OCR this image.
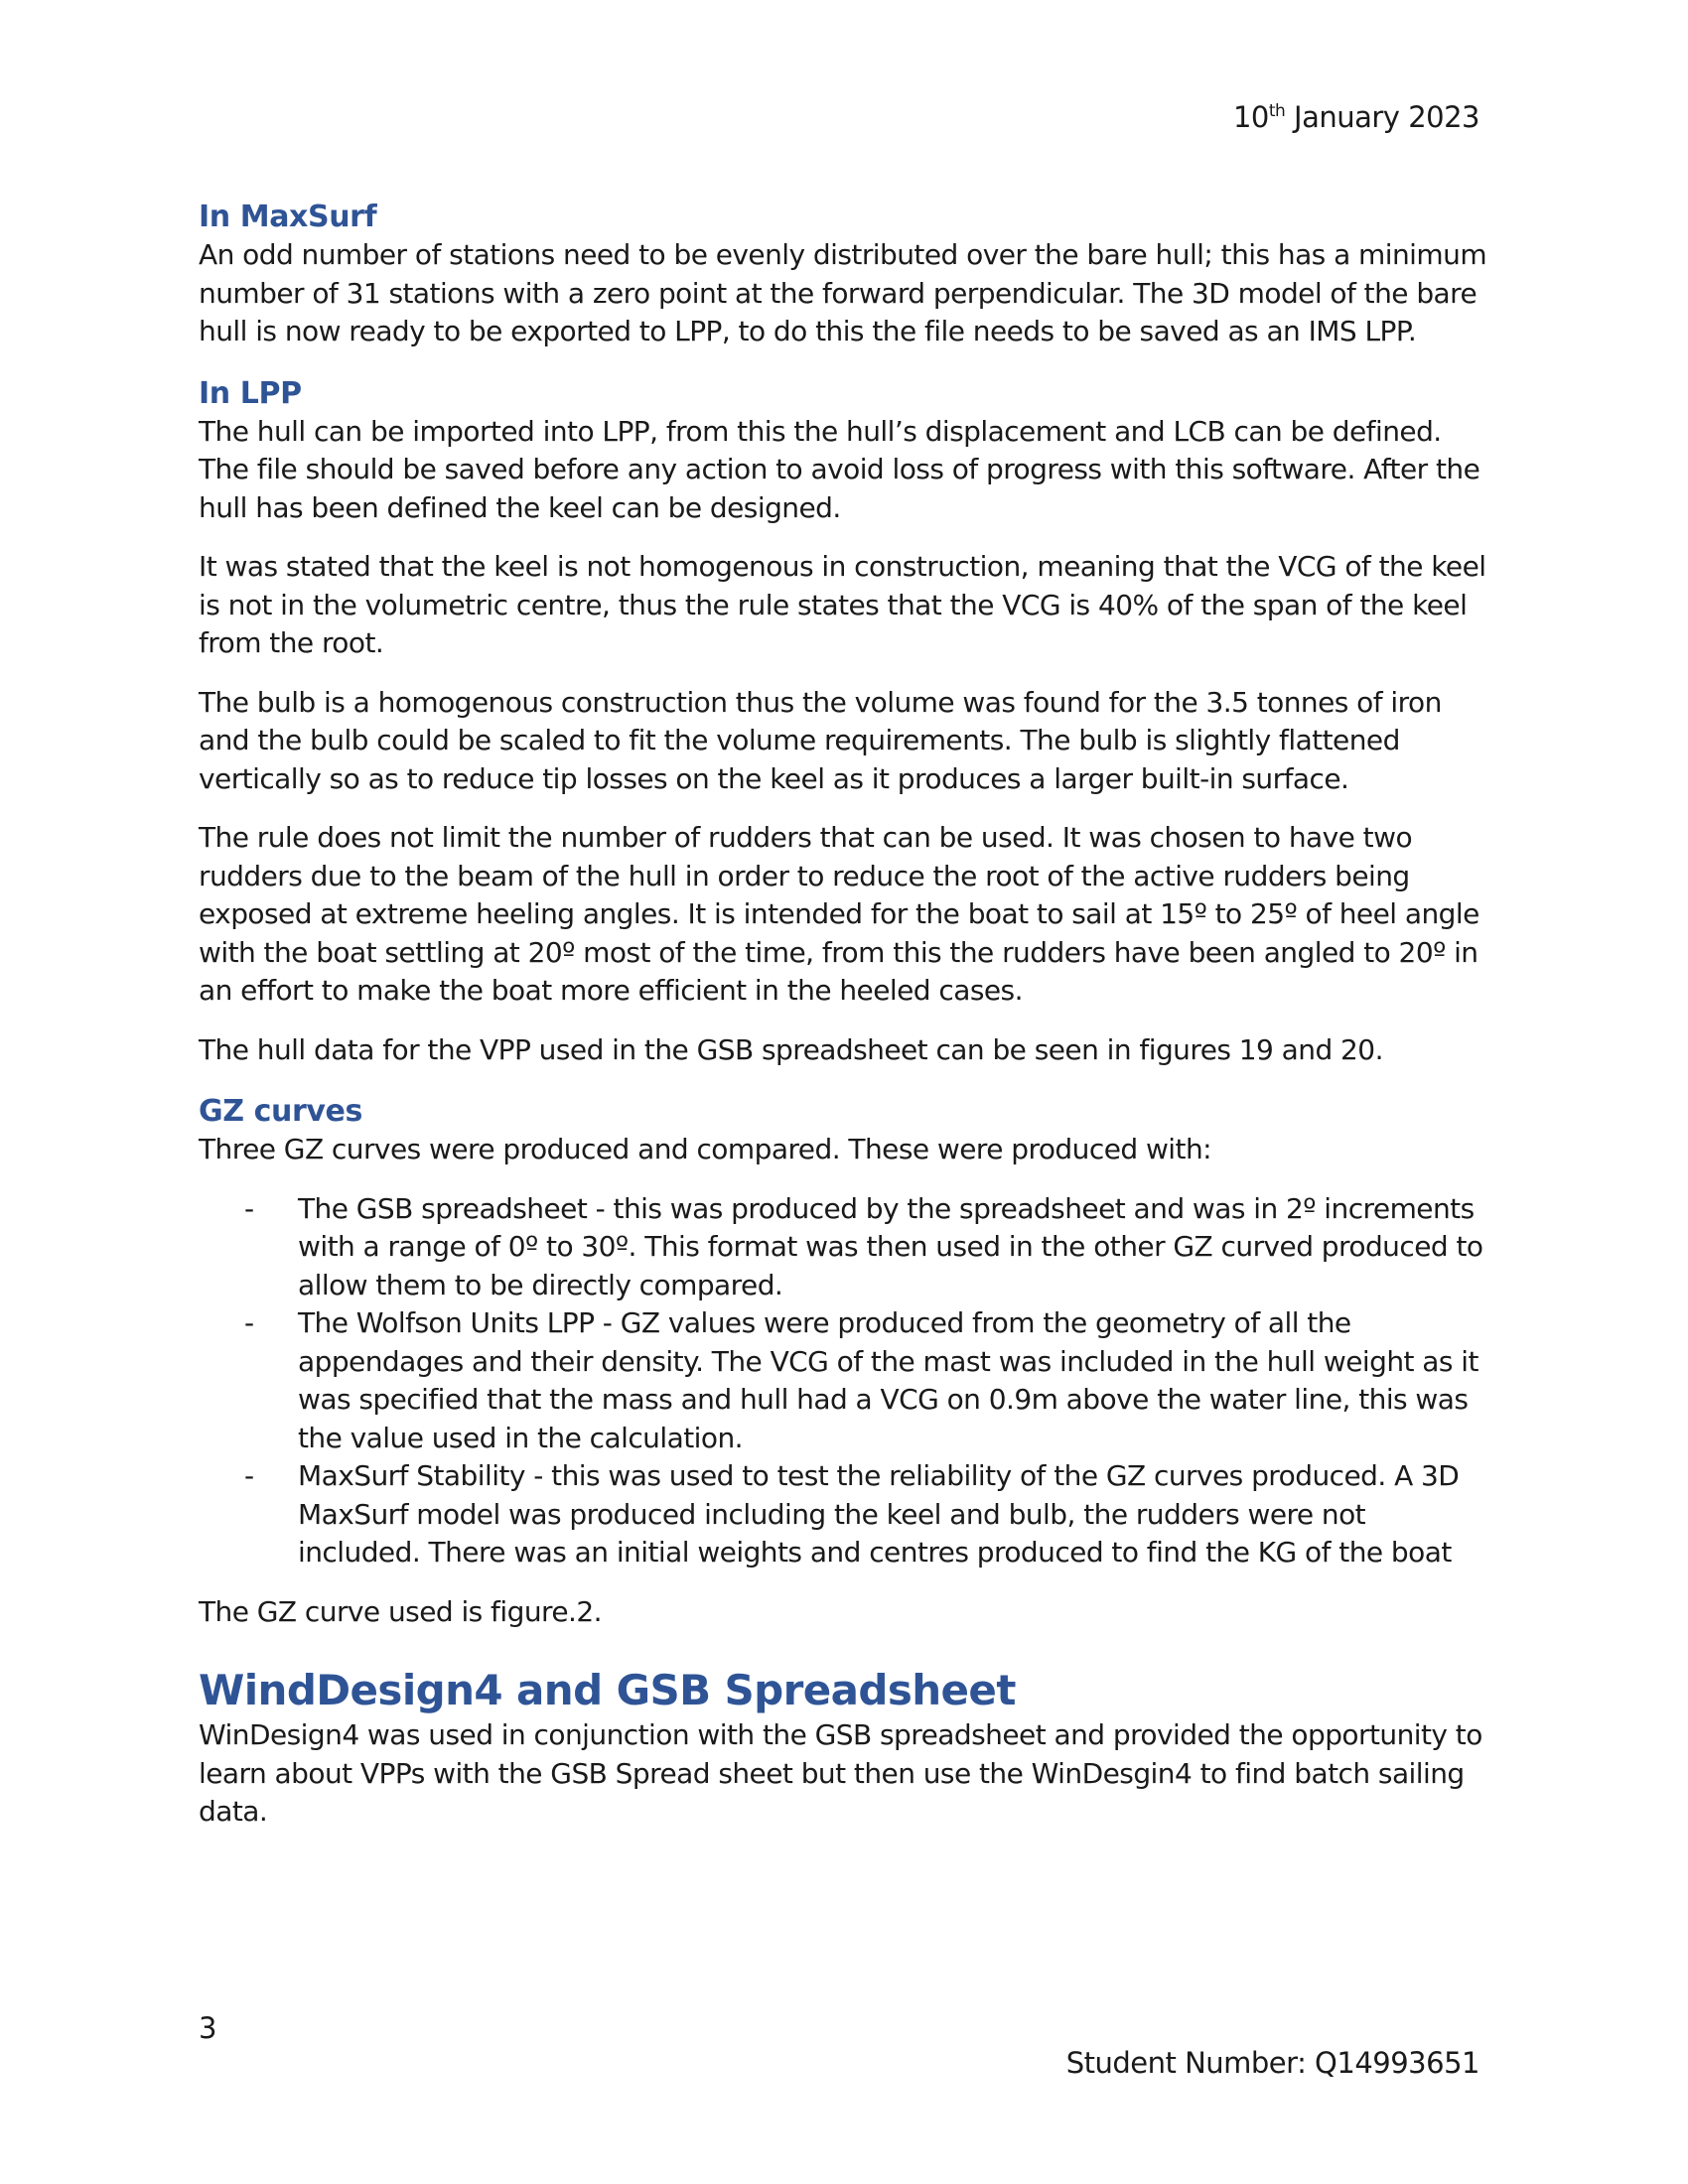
10th January 2023
In MaxSurf

An odd number of stations need to be evenly distributed over the bare hull; this has a minimum number of 31 stations with a zero point at the forward perpendicular. The 3D model of the bare hull is now ready to be exported to LPP, to do this the file needs to be saved as an IMS LPP.

In LPP

The hull can be imported into LPP, from this the hull’s displacement and LCB can be defined. The file should be saved before any action to avoid loss of progress with this software. After the hull has been defined the keel can be designed.

It was stated that the keel is not homogenous in construction, meaning that the VCG of the keel is not in the volumetric centre, thus the rule states that the VCG is 40% of the span of the keel from the root.

The bulb is a homogenous construction thus the volume was found for the 3.5 tonnes of iron and the bulb could be scaled to fit the volume requirements. The bulb is slightly flattened vertically so as to reduce tip losses on the keel as it produces a larger built-in surface.

The rule does not limit the number of rudders that can be used. It was chosen to have two rudders due to the beam of the hull in order to reduce the root of the active rudders being exposed at extreme heeling angles. It is intended for the boat to sail at 15º to 25º of heel angle with the boat settling at 20º most of the time, from this the rudders have been angled to 20º in an effort to make the boat more efficient in the heeled cases.

The hull data for the VPP used in the GSB spreadsheet can be seen in figures 19 and 20.

GZ curves

Three GZ curves were produced and compared. These were produced with:

- The GSB spreadsheet - this was produced by the spreadsheet and was in 2º increments with a range of 0º to 30º. This format was then used in the other GZ curved produced to allow them to be directly compared.
- The Wolfson Units LPP - GZ values were produced from the geometry of all the appendages and their density. The VCG of the mast was included in the hull weight as it was specified that the mass and hull had a VCG on 0.9m above the water line, this was the value used in the calculation.
- MaxSurf Stability - this was used to test the reliability of the GZ curves produced. A 3D MaxSurf model was produced including the keel and bulb, the rudders were not included. There was an initial weights and centres produced to find the KG of the boat

The GZ curve used is figure.2.

WindDesign4 and GSB Spreadsheet

WinDesign4 was used in conjunction with the GSB spreadsheet and provided the opportunity to learn about VPPs with the GSB Spread sheet but then use the WinDesgin4 to find batch sailing data.

3
Student Number: Q14993651
